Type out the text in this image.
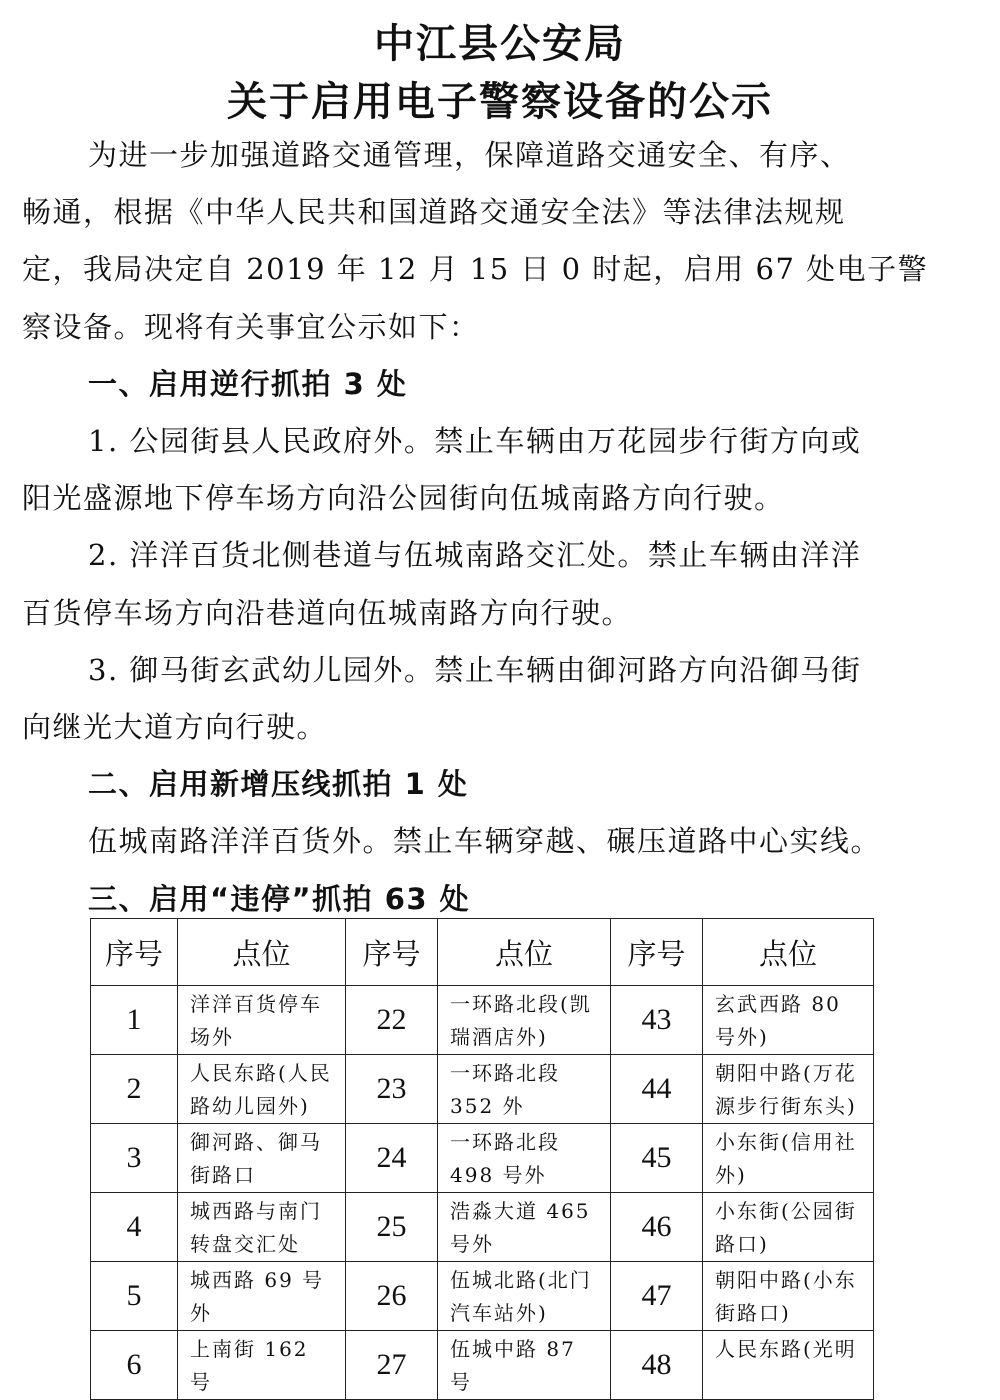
中江县公安局
关于启用电子警察设备的公示
为进一步加强道路交通管理，保障道路交通安全、有序、
畅通，根据《中华人民共和国道路交通安全法》等法律法规规
定，我局决定自 2019 年 12 月 15 日 0 时起，启用 67 处电子警
察设备。现将有关事宜公示如下：
一、启用逆行抓拍 3 处
1. 公园街县人民政府外。禁止车辆由万花园步行街方向或
阳光盛源地下停车场方向沿公园街向伍城南路方向行驶。
2. 洋洋百货北侧巷道与伍城南路交汇处。禁止车辆由洋洋
百货停车场方向沿巷道向伍城南路方向行驶。
3. 御马街玄武幼儿园外。禁止车辆由御河路方向沿御马街
向继光大道方向行驶。
二、启用新增压线抓拍 1 处
伍城南路洋洋百货外。禁止车辆穿越、碾压道路中心实线。
三、启用“违停”抓拍 63 处
序号	点位	序号	点位	序号	点位
1	洋洋百货停车场外	22	一环路北段(凯瑞酒店外)	43	玄武西路 80 号外)
2	人民东路(人民路幼儿园外)	23	一环路北段 352 外	44	朝阳中路(万花源步行街东头)
3	御河路、御马街路口	24	一环路北段 498 号外	45	小东街(信用社外)
4	城西路与南门转盘交汇处	25	浩淼大道 465 号外	46	小东街(公园街路口)
5	城西路 69 号外	26	伍城北路(北门汽车站外)	47	朝阳中路(小东街路口)
6	上南街 162 号	27	伍城中路 87 号	48	人民东路(光明
